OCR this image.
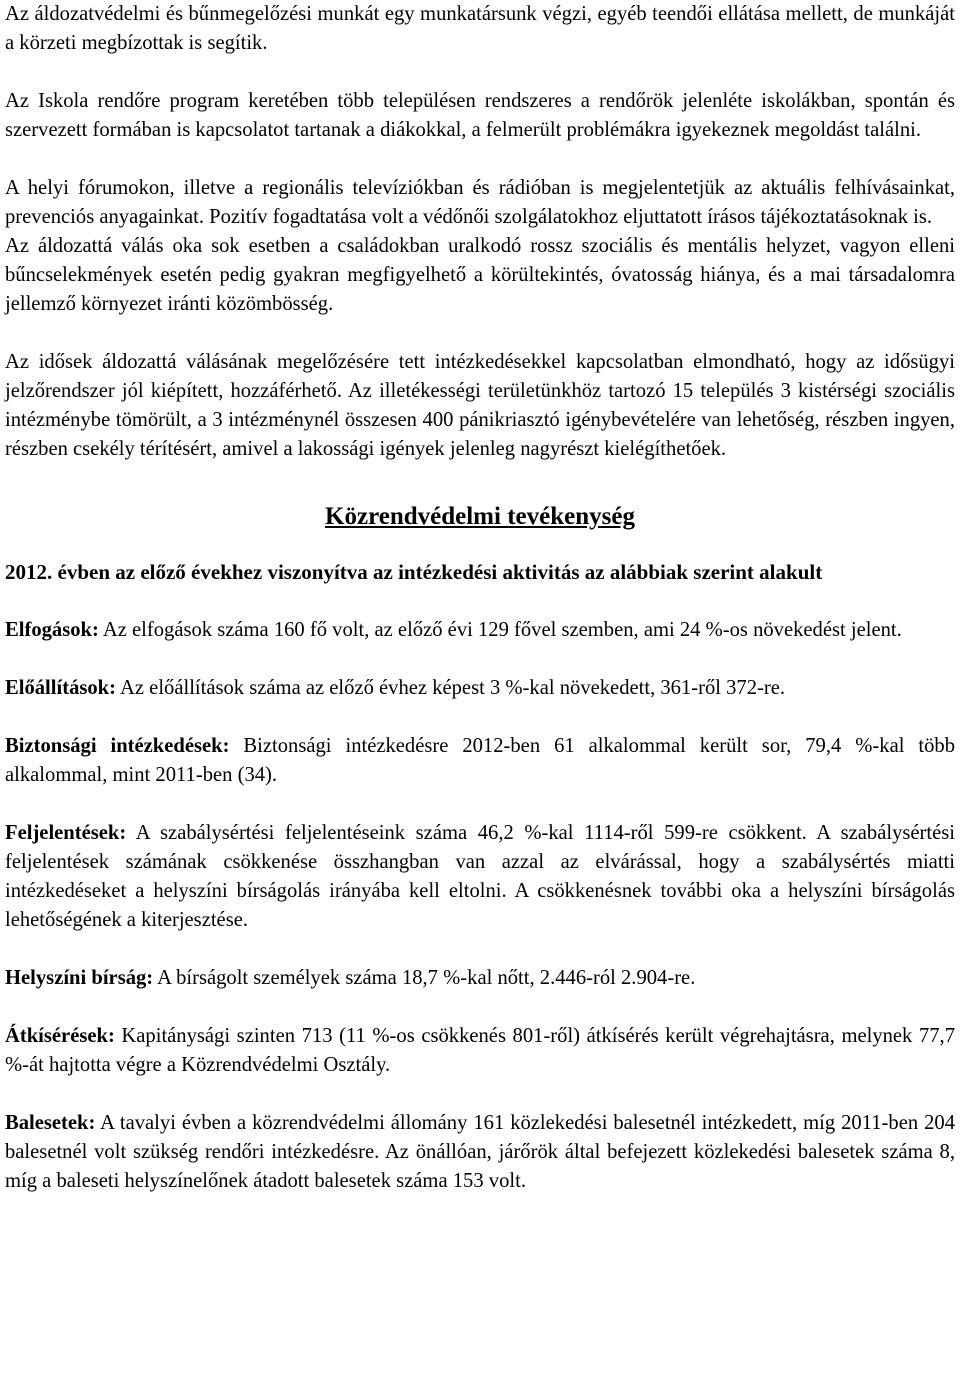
Az áldozatvédelmi és bűnmegelőzési munkát egy munkatársunk végzi, egyéb teendői ellátása mellett, de munkáját a körzeti megbízottak is segítik.

Az Iskola rendőre program keretében több településen rendszeres a rendőrök jelenléte iskolákban, spontán és szervezett formában is kapcsolatot tartanak a diákokkal, a felmerült problémákra igyekeznek megoldást találni.

A helyi fórumokon, illetve a regionális televíziókban és rádióban is megjelentetjük az aktuális felhívásainkat, prevenciós anyagainkat. Pozitív fogadtatása volt a védőnői szolgálatokhoz eljuttatott írásos tájékoztatásoknak is.

Az áldozattá válás oka sok esetben a családokban uralkodó rossz szociális és mentális helyzet, vagyon elleni bűncselekmények esetén pedig gyakran megfigyelhető a körültekintés, óvatosság hiánya, és a mai társadalomra jellemző környezet iránti közömbösség.

Az idősek áldozattá válásának megelőzésére tett intézkedésekkel kapcsolatban elmondható, hogy az idősügyi jelzőrendszer jól kiépített, hozzáférhető. Az illetékességi területünkhöz tartozó 15 település 3 kistérségi szociális intézménybe tömörült, a 3 intézménynél összesen 400 pánikriasztó igénybevételére van lehetőség, részben ingyen, részben csekély térítésért, amivel a lakossági igények jelenleg nagyrészt kielégíthetőek.

Közrendvédelmi tevékenység

2012. évben az előző évekhez viszonyítva az intézkedési aktivitás az alábbiak szerint alakult

Elfogások: Az elfogások száma 160 fő volt, az előző évi 129 fővel szemben, ami 24 %-os növekedést jelent.

Előállítások: Az előállítások száma az előző évhez képest 3 %-kal növekedett, 361-ről 372-re.

Biztonsági intézkedések: Biztonsági intézkedésre 2012-ben 61 alkalommal került sor, 79,4 %-kal több alkalommal, mint 2011-ben (34).

Feljelentések: A szabálysértési feljelentéseink száma 46,2 %-kal 1114-ről 599-re csökkent. A szabálysértési feljelentések számának csökkenése összhangban van azzal az elvárással, hogy a szabálysértés miatti intézkedéseket a helyszíni bírságolás irányába kell eltolni. A csökkenésnek további oka a helyszíni bírságolás lehetőségének a kiterjesztése.

Helyszíni bírság: A bírságolt személyek száma 18,7 %-kal nőtt, 2.446-ról 2.904-re.

Átkísérések: Kapitánysági szinten 713 (11 %-os csökkenés 801-ről) átkísérés került végrehajtásra, melynek 77,7 %-át hajtotta végre a Közrendvédelmi Osztály.

Balesetek: A tavalyi évben a közrendvédelmi állomány 161 közlekedési balesetnél intézkedett, míg 2011-ben 204 balesetnél volt szükség rendőri intézkedésre. Az önállóan, járőrök által befejezett közlekedési balesetek száma 8, míg a baleseti helyszínelőnek átadott balesetek száma 153 volt.
